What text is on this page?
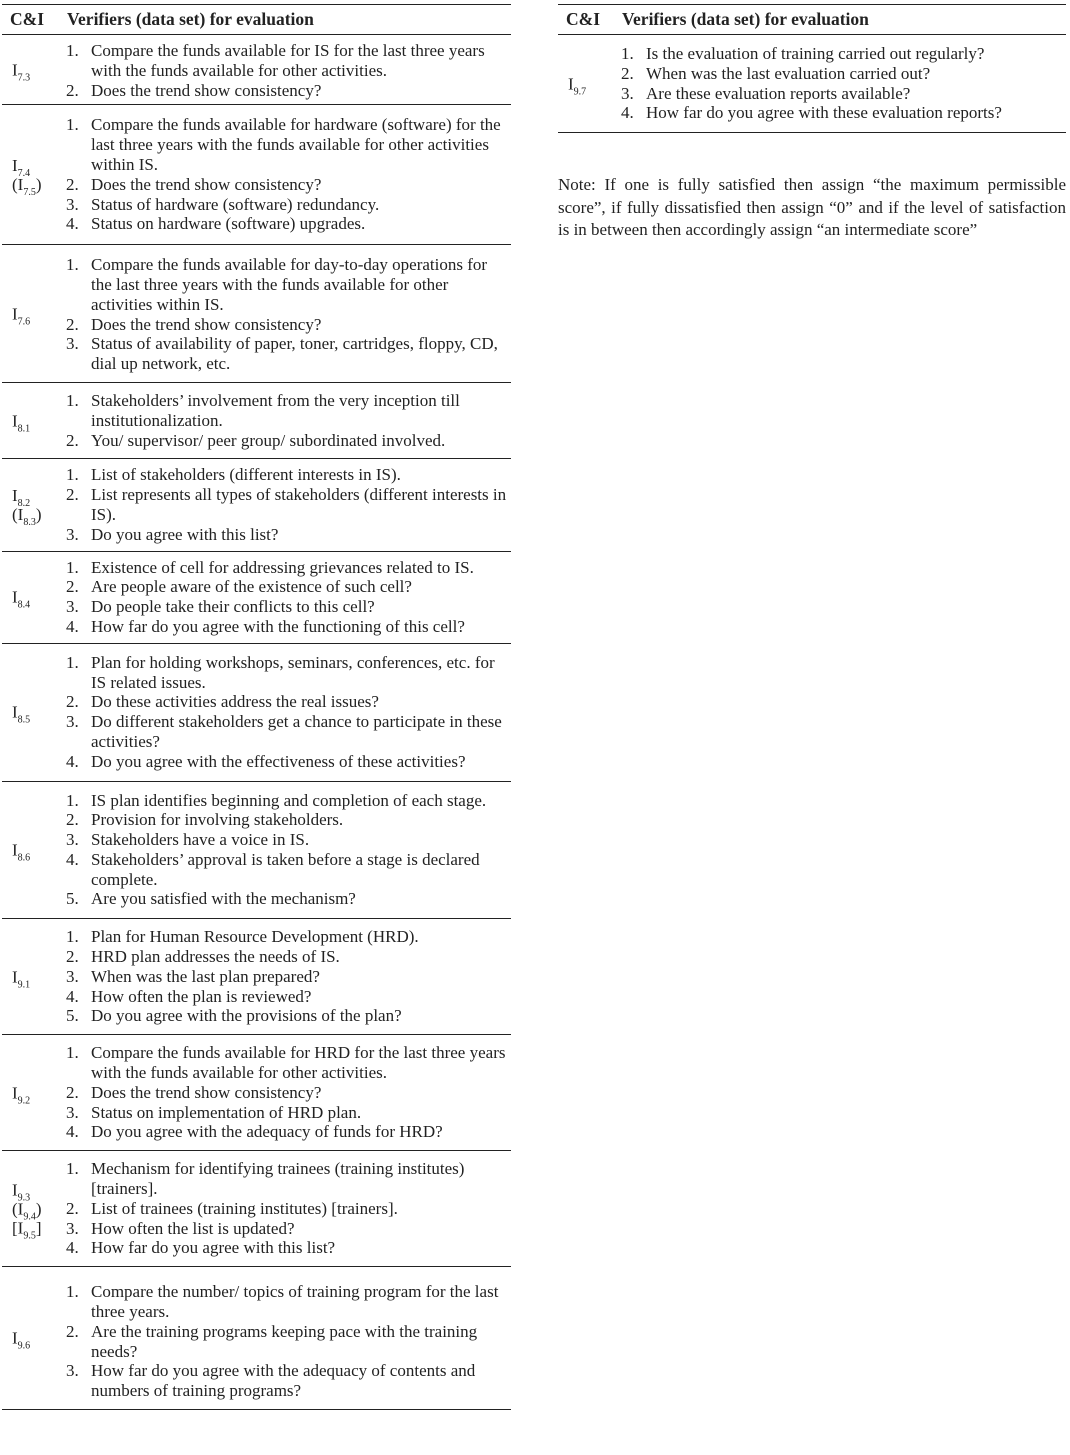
C&I Verifiers (data set) for evaluation
$I_{7.3}$
1. Compare the funds available for IS for the last three years with the funds available for other activities.
2. Does the trend show consistency?
$I_{7.4}$
$(I_{7.5})$
1. Compare the funds available for hardware (software) for the last three years with the funds available for other activities within IS.
2. Does the trend show consistency?
3. Status of hardware (software) redundancy.
4. Status on hardware (software) upgrades.
$I_{7.6}$
1. Compare the funds available for day-to-day operations for the last three years with the funds available for other activities within IS.
2. Does the trend show consistency?
3. Status of availability of paper, toner, cartridges, floppy, CD, dial up network, etc.
$I_{8.1}$
1. Stakeholders’ involvement from the very inception till institutionalization.
2. You/ supervisor/ peer group/ subordinated involved.
$I_{8.2}$
$(I_{8.3})$
1. List of stakeholders (different interests in IS).
2. List represents all types of stakeholders (different interests in IS).
3. Do you agree with this list?
$I_{8.4}$
1. Existence of cell for addressing grievances related to IS.
2. Are people aware of the existence of such cell?
3. Do people take their conflicts to this cell?
4. How far do you agree with the functioning of this cell?
$I_{8.5}$
1. Plan for holding workshops, seminars, conferences, etc. for IS related issues.
2. Do these activities address the real issues?
3. Do different stakeholders get a chance to participate in these activities?
4. Do you agree with the effectiveness of these activities?
$I_{8.6}$
1. IS plan identifies beginning and completion of each stage.
2. Provision for involving stakeholders.
3. Stakeholders have a voice in IS.
4. Stakeholders’ approval is taken before a stage is declared complete.
5. Are you satisfied with the mechanism?
$I_{9.1}$
1. Plan for Human Resource Development (HRD).
2. HRD plan addresses the needs of IS.
3. When was the last plan prepared?
4. How often the plan is reviewed?
5. Do you agree with the provisions of the plan?
$I_{9.2}$
1. Compare the funds available for HRD for the last three years with the funds available for other activities.
2. Does the trend show consistency?
3. Status on implementation of HRD plan.
4. Do you agree with the adequacy of funds for HRD?
$I_{9.3}$
$(I_{9.4})$
$[I_{9.5}]$
1. Mechanism for identifying trainees (training institutes) [trainers].
2. List of trainees (training institutes) [trainers].
3. How often the list is updated?
4. How far do you agree with this list?
$I_{9.6}$
1. Compare the number/ topics of training program for the last three years.
2. Are the training programs keeping pace with the training needs?
3. How far do you agree with the adequacy of contents and numbers of training programs?
C&I Verifiers (data set) for evaluation
$I_{9.7}$
1. Is the evaluation of training carried out regularly?
2. When was the last evaluation carried out?
3. Are these evaluation reports available?
4. How far do you agree with these evaluation reports?

Note: If one is fully satisfied then assign “the maximum permissible score”, if fully dissatisfied then assign “0” and if the level of satisfaction is in between then accordingly assign “an intermediate score”
